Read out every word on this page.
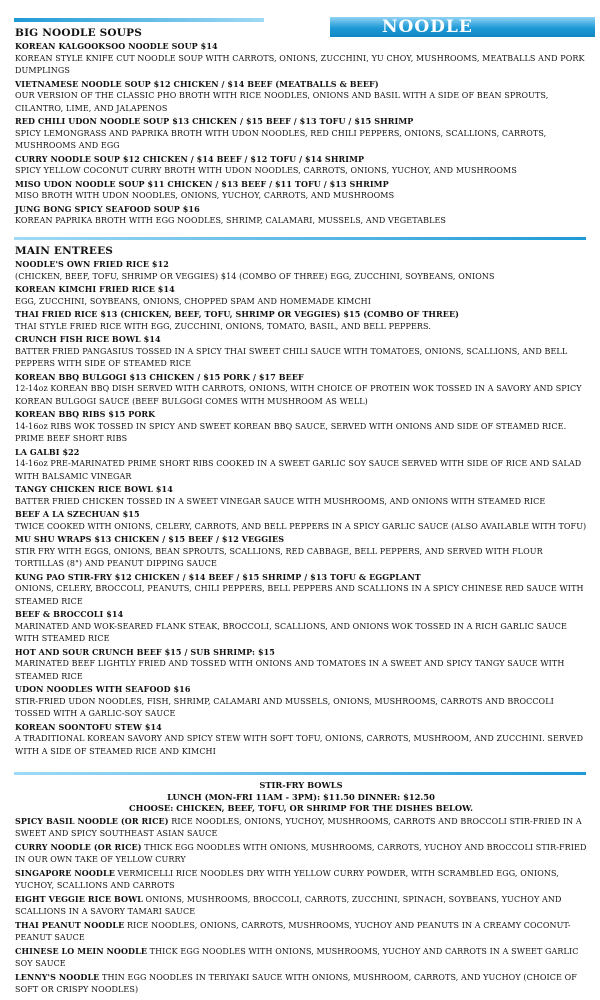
NOODLE
BIG NOODLE SOUPS
KOREAN KALGOOKSOO NOODLE SOUP $14
KOREAN STYLE KNIFE CUT NOODLE SOUP WITH CARROTS, ONIONS, ZUCCHINI, YU CHOY, MUSHROOMS, MEATBALLS AND PORK DUMPLINGS
VIETNAMESE NOODLE SOUP $12 CHICKEN / $14 BEEF (MEATBALLS & BEEF)
OUR VERSION OF THE CLASSIC PHO BROTH WITH RICE NOODLES, ONIONS AND BASIL WITH A SIDE OF BEAN SPROUTS, CILANTRO, LIME, AND JALAPENOS
RED CHILI UDON NOODLE SOUP $13 CHICKEN / $15 BEEF / $13 TOFU / $15 SHRIMP
SPICY LEMONGRASS AND PAPRIKA BROTH WITH UDON NOODLES, RED CHILI PEPPERS, ONIONS, SCALLIONS, CARROTS, MUSHROOMS AND EGG
CURRY NOODLE SOUP $12 CHICKEN / $14 BEEF / $12 TOFU / $14 SHRIMP
SPICY YELLOW COCONUT CURRY BROTH WITH UDON NOODLES, CARROTS, ONIONS, YUCHOY, AND MUSHROOMS
MISO UDON NOODLE SOUP $11 CHICKEN / $13 BEEF / $11 TOFU / $13 SHRIMP
MISO BROTH WITH UDON NOODLES, ONIONS, YUCHOY, CARROTS, AND MUSHROOMS
JUNG BONG SPICY SEAFOOD SOUP $16
KOREAN PAPRIKA BROTH WITH EGG NOODLES, SHRIMP, CALAMARI, MUSSELS, AND VEGETABLES
MAIN ENTREES
NOODLE'S OWN FRIED RICE $12
(CHICKEN, BEEF, TOFU, SHRIMP OR VEGGIES) $14 (COMBO OF THREE) EGG, ZUCCHINI, SOYBEANS, ONIONS
KOREAN KIMCHI FRIED RICE $14
EGG, ZUCCHINI, SOYBEANS, ONIONS, CHOPPED SPAM AND HOMEMADE KIMCHI
THAI FRIED RICE $13 (CHICKEN, BEEF, TOFU, SHRIMP OR VEGGIES) $15 (COMBO OF THREE)
THAI STYLE FRIED RICE WITH EGG, ZUCCHINI, ONIONS, TOMATO, BASIL, AND BELL PEPPERS.
CRUNCH FISH RICE BOWL $14
BATTER FRIED PANGASIUS TOSSED IN A SPICY THAI SWEET CHILI SAUCE WITH TOMATOES, ONIONS, SCALLIONS, AND BELL PEPPERS WITH SIDE OF STEAMED RICE
KOREAN BBQ BULGOGI $13 CHICKEN / $15 PORK / $17 BEEF
12-14oz KOREAN BBQ DISH SERVED WITH CARROTS, ONIONS, WITH CHOICE OF PROTEIN WOK TOSSED IN A SAVORY AND SPICY KOREAN BULGOGI SAUCE (BEEF BULGOGI COMES WITH MUSHROOM AS WELL)
KOREAN BBQ RIBS $15 PORK
14-16oz RIBS WOK TOSSED IN SPICY AND SWEET KOREAN BBQ SAUCE, SERVED WITH ONIONS AND SIDE OF STEAMED RICE. PRIME BEEF SHORT RIBS
LA GALBI $22
14-16oz PRE-MARINATED PRIME SHORT RIBS COOKED IN A SWEET GARLIC SOY SAUCE SERVED WITH SIDE OF RICE AND SALAD WITH BALSAMIC VINEGAR
TANGY CHICKEN RICE BOWL $14
BATTER FRIED CHICKEN TOSSED IN A SWEET VINEGAR SAUCE WITH MUSHROOMS, AND ONIONS WITH STEAMED RICE
BEEF A LA SZECHUAN $15
TWICE COOKED WITH ONIONS, CELERY, CARROTS, AND BELL PEPPERS IN A SPICY GARLIC SAUCE (ALSO AVAILABLE WITH TOFU)
MU SHU WRAPS $13 CHICKEN / $15 BEEF / $12 VEGGIES
STIR FRY WITH EGGS, ONIONS, BEAN SPROUTS, SCALLIONS, RED CABBAGE, BELL PEPPERS, AND SERVED WITH FLOUR TORTILLAS (8") AND PEANUT DIPPING SAUCE
KUNG PAO STIR-FRY $12 CHICKEN / $14 BEEF / $15 SHRIMP / $13 TOFU & EGGPLANT
ONIONS, CELERY, BROCCOLI, PEANUTS, CHILI PEPPERS, BELL PEPPERS AND SCALLIONS IN A SPICY CHINESE RED SAUCE WITH STEAMED RICE
BEEF & BROCCOLI $14
MARINATED AND WOK-SEARED FLANK STEAK, BROCCOLI, SCALLIONS, AND ONIONS WOK TOSSED IN A RICH GARLIC SAUCE WITH STEAMED RICE
HOT AND SOUR CRUNCH BEEF $15 / SUB SHRIMP: $15
MARINATED BEEF LIGHTLY FRIED AND TOSSED WITH ONIONS AND TOMATOES IN A SWEET AND SPICY TANGY SAUCE WITH STEAMED RICE
UDON NOODLES WITH SEAFOOD $16
STIR-FRIED UDON NOODLES, FISH, SHRIMP, CALAMARI AND MUSSELS, ONIONS, MUSHROOMS, CARROTS AND BROCCOLI TOSSED WITH A GARLIC-SOY SAUCE
KOREAN SOONTOFU STEW $14
A TRADITIONAL KOREAN SAVORY AND SPICY STEW WITH SOFT TOFU, ONIONS, CARROTS, MUSHROOM, AND ZUCCHINI. SERVED WITH A SIDE OF STEAMED RICE AND KIMCHI
STIR-FRY BOWLS
LUNCH (MON-FRI 11AM - 3PM): $11.50 DINNER: $12.50
CHOOSE: CHICKEN, BEEF, TOFU, OR SHRIMP FOR THE DISHES BELOW.
SPICY BASIL NOODLE (OR RICE) RICE NOODLES, ONIONS, YUCHOY, MUSHROOMS, CARROTS AND BROCCOLI STIR-FRIED IN A SWEET AND SPICY SOUTHEAST ASIAN SAUCE
CURRY NOODLE (OR RICE) THICK EGG NOODLES WITH ONIONS, MUSHROOMS, CARROTS, YUCHOY AND BROCCOLI STIR-FRIED IN OUR OWN TAKE OF YELLOW CURRY
SINGAPORE NOODLE VERMICELLI RICE NOODLES DRY WITH YELLOW CURRY POWDER, WITH SCRAMBLED EGG, ONIONS, YUCHOY, SCALLIONS AND CARROTS
EIGHT VEGGIE RICE BOWL ONIONS, MUSHROOMS, BROCCOLI, CARROTS, ZUCCHINI, SPINACH, SOYBEANS, YUCHOY AND SCALLIONS IN A SAVORY TAMARI SAUCE
THAI PEANUT NOODLE RICE NOODLES, ONIONS, CARROTS, MUSHROOMS, YUCHOY AND PEANUTS IN A CREAMY COCONUT-PEANUT SAUCE
CHINESE LO MEIN NOODLE THICK EGG NOODLES WITH ONIONS, MUSHROOMS, YUCHOY AND CARROTS IN A SWEET GARLIC SOY SAUCE
LENNY'S NOODLE THIN EGG NOODLES IN TERIYAKI SAUCE WITH ONIONS, MUSHROOM, CARROTS, AND YUCHOY (CHOICE OF SOFT OR CRISPY NOODLES)
